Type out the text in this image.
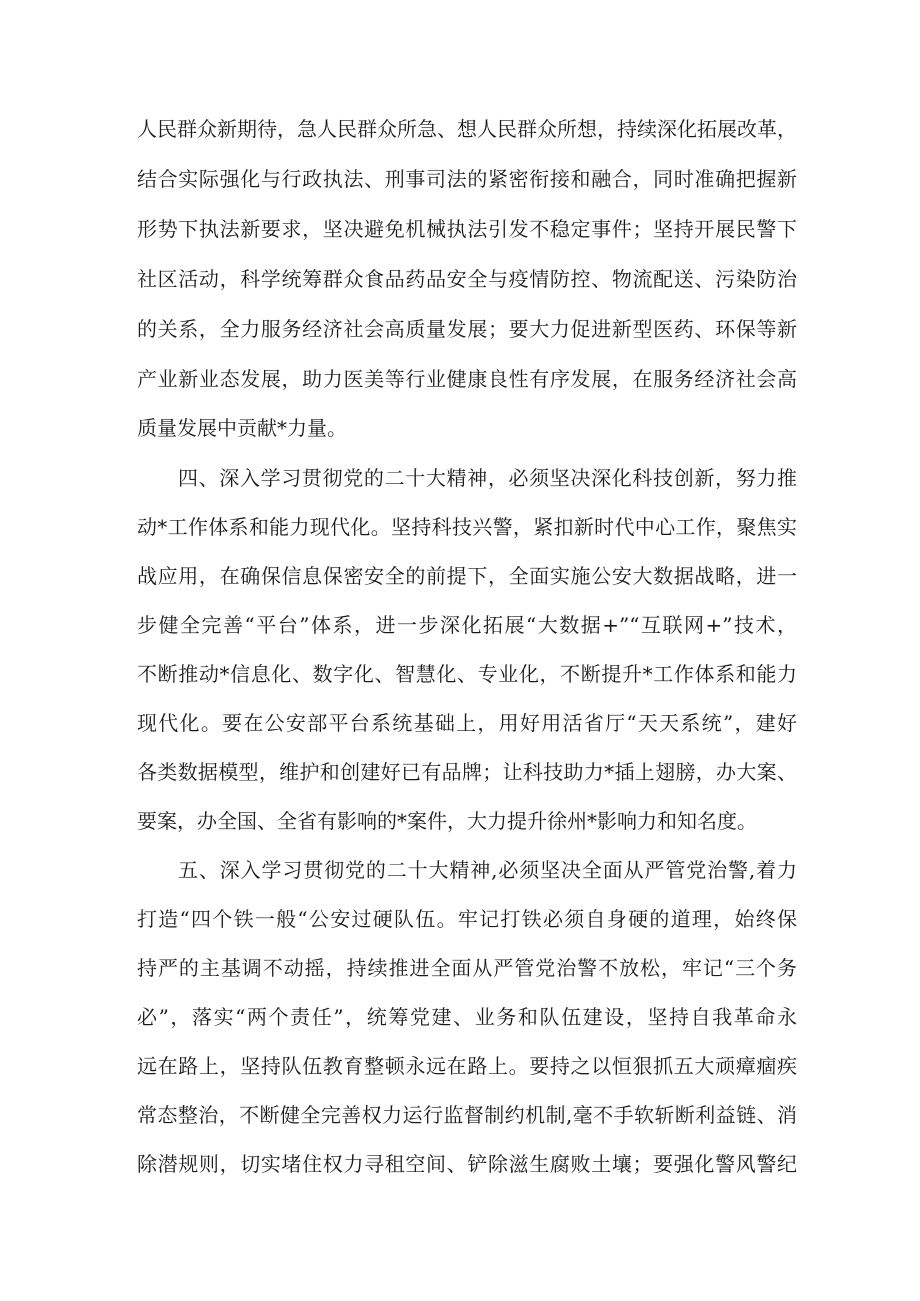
人民群众新期待，急人民群众所急、想人民群众所想，持续深化拓展改革，
结合实际强化与行政执法、刑事司法的紧密衔接和融合，同时准确把握新
形势下执法新要求，坚决避免机械执法引发不稳定事件；坚持开展民警下
社区活动，科学统筹群众食品药品安全与疫情防控、物流配送、污染防治
的关系，全力服务经济社会高质量发展；要大力促进新型医药、环保等新
产业新业态发展，助力医美等行业健康良性有序发展，在服务经济社会高
质量发展中贡献*力量。
四、深入学习贯彻党的二十大精神，必须坚决深化科技创新，努力推
动*工作体系和能力现代化。坚持科技兴警，紧扣新时代中心工作，聚焦实
战应用，在确保信息保密安全的前提下，全面实施公安大数据战略，进一
步健全完善“平台”体系，进一步深化拓展“大数据+”“互联网+”技术，
不断推动*信息化、数字化、智慧化、专业化，不断提升*工作体系和能力
现代化。要在公安部平台系统基础上，用好用活省厅“天天系统”，建好
各类数据模型，维护和创建好已有品牌；让科技助力*插上翅膀，办大案、
要案，办全国、全省有影响的*案件，大力提升徐州*影响力和知名度。
五、深入学习贯彻党的二十大精神,必须坚决全面从严管党治警,着力
打造“四个铁一般“公安过硬队伍。牢记打铁必须自身硬的道理，始终保
持严的主基调不动摇，持续推进全面从严管党治警不放松，牢记“三个务
必”，落实“两个责任”，统筹党建、业务和队伍建设，坚持自我革命永
远在路上，坚持队伍教育整顿永远在路上。要持之以恒狠抓五大顽瘴痼疾
常态整治，不断健全完善权力运行监督制约机制,毫不手软斩断利益链、消
除潜规则，切实堵住权力寻租空间、铲除滋生腐败土壤；要强化警风警纪
